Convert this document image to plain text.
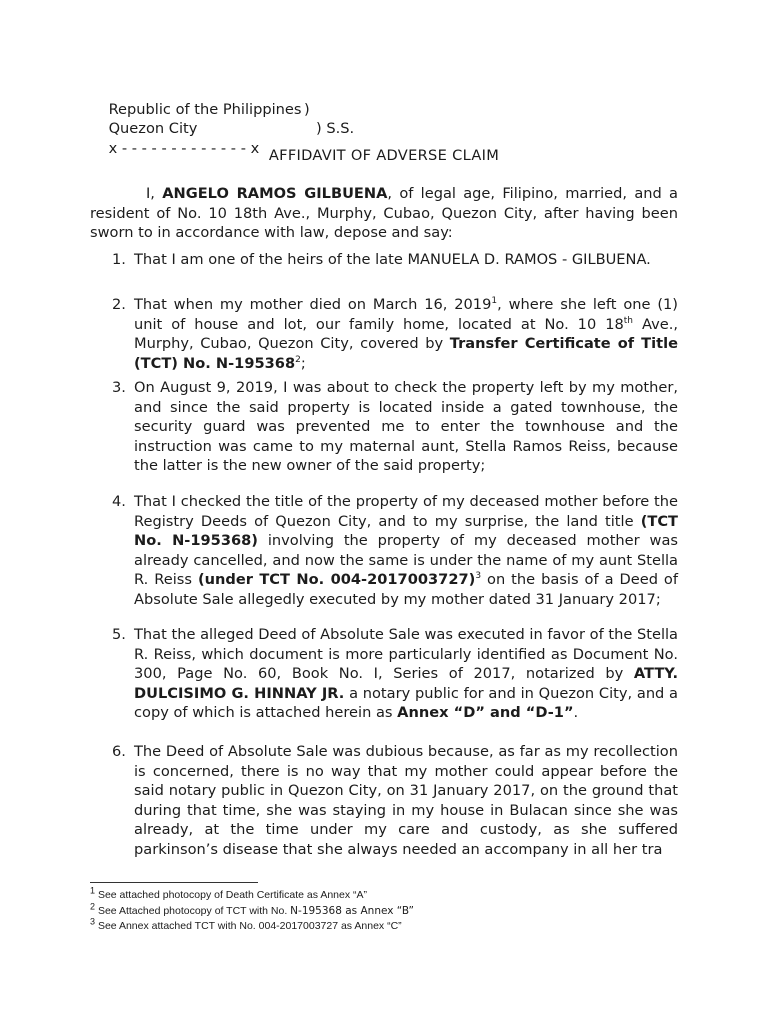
Republic of the Philippines )

Quezon City	) S.S.

x - - - - - - - - - - - - - x
AFFIDAVIT OF ADVERSE CLAIM

I, ANGELO RAMOS GILBUENA, of legal age, Filipino, married, and a resident of No. 10 18th Ave., Murphy, Cubao, Quezon City, after having been sworn to in accordance with law, depose and say:

1. That I am one of the heirs of the late MANUELA D. RAMOS - GILBUENA.
2. That when my mother died on March 16, 2019$^1$, where she left one (1) unit of house and lot, our family home, located at No. 10 18th Ave., Murphy, Cubao, Quezon City, covered by Transfer Certificate of Title (TCT) No. N-195368$^2$;
3. On August 9, 2019, I was about to check the property left by my mother, and since the said property is located inside a gated townhouse, the security guard was prevented me to enter the townhouse and the instruction was came to my maternal aunt, Stella Ramos Reiss, because the latter is the new owner of the said property;
4. That I checked the title of the property of my deceased mother before the Registry Deeds of Quezon City, and to my surprise, the land title (TCT No. N-195368) involving the property of my deceased mother was already cancelled, and now the same is under the name of my aunt Stella R. Reiss (under TCT No. 004-2017003727)$^3$ on the basis of a Deed of Absolute Sale allegedly executed by my mother dated 31 January 2017;
5. That the alleged Deed of Absolute Sale was executed in favor of the Stella R. Reiss, which document is more particularly identified as Document No. 300, Page No. 60, Book No. I, Series of 2017, notarized by ATTY. DULCISIMO G. HINNAY JR. a notary public for and in Quezon City, and a copy of which is attached herein as Annex “D” and “D-1”.
6. The Deed of Absolute Sale was dubious because, as far as my recollection is concerned, there is no way that my mother could appear before the said notary public in Quezon City, on 31 January 2017, on the ground that during that time, she was staying in my house in Bulacan since she was already, at the time under my care and custody, as she suffered parkinson’s disease that she always needed an accompany in all her tra
$^1$ See attached photocopy of Death Certificate as Annex “A”
$^2$ See Attached photocopy of TCT with No. N-195368 as Annex “B”
$^3$ See Annex attached TCT with No. 004-2017003727 as Annex “C”
